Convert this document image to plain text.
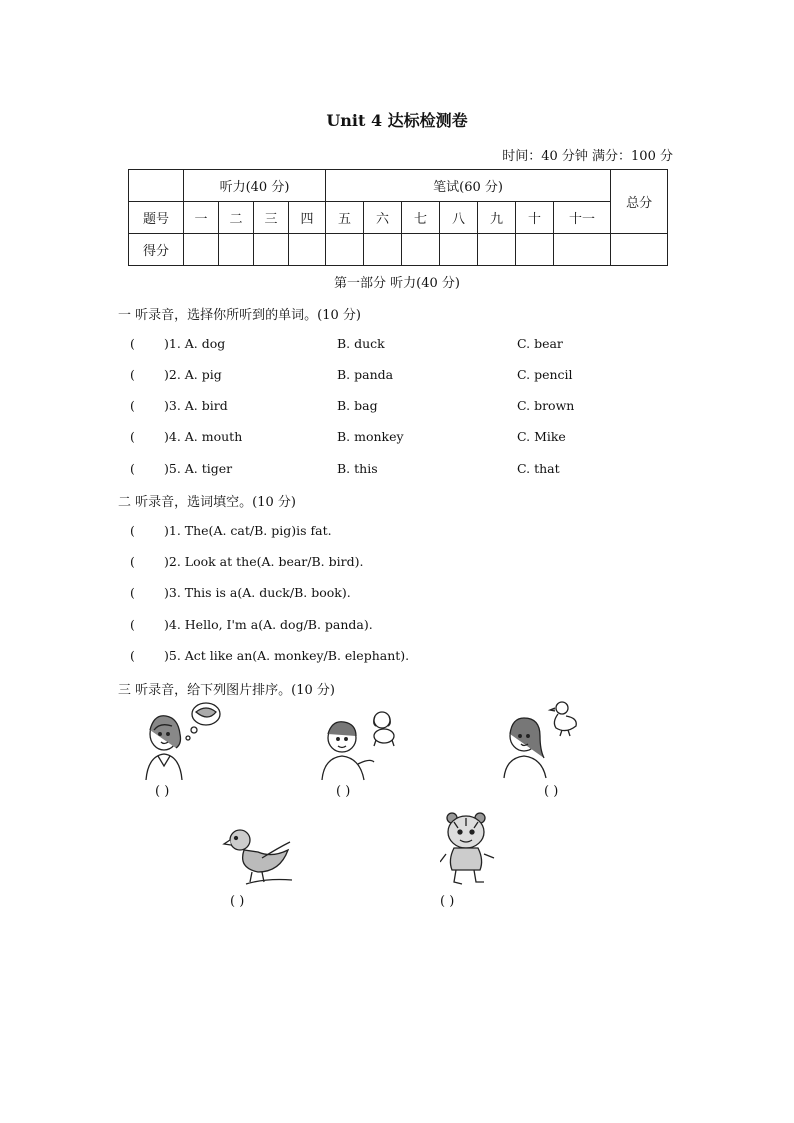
Unit 4 达标检测卷
时间：40 分钟 满分：100 分
	听力(40 分)				笔试(60 分)							总分
题号	一	二	三	四	五	六	七	八	九	十	十一	
得分												
第一部分 听力(40 分)
一 听录音，选择你所听到的单词。(10 分)
( )1. A. dog	B. duck	C. bear
( )2. A. pig	B. panda	C. pencil
( )3. A. bird	B. bag	C. brown
( )4. A. mouth	B. monkey	C. Mike
( )5. A. tiger	B. this	C. that
二 听录音，选词填空。(10 分)
( )1. The(A. cat/B. pig)is fat.
( )2. Look at the(A. bear/B. bird).
( )3. This is a(A. duck/B. book).
( )4. Hello, I'm a(A. dog/B. panda).
( )5. Act like an(A. monkey/B. elephant).
三 听录音，给下列图片排序。(10 分)
( )	( )	( )
( )	( )
